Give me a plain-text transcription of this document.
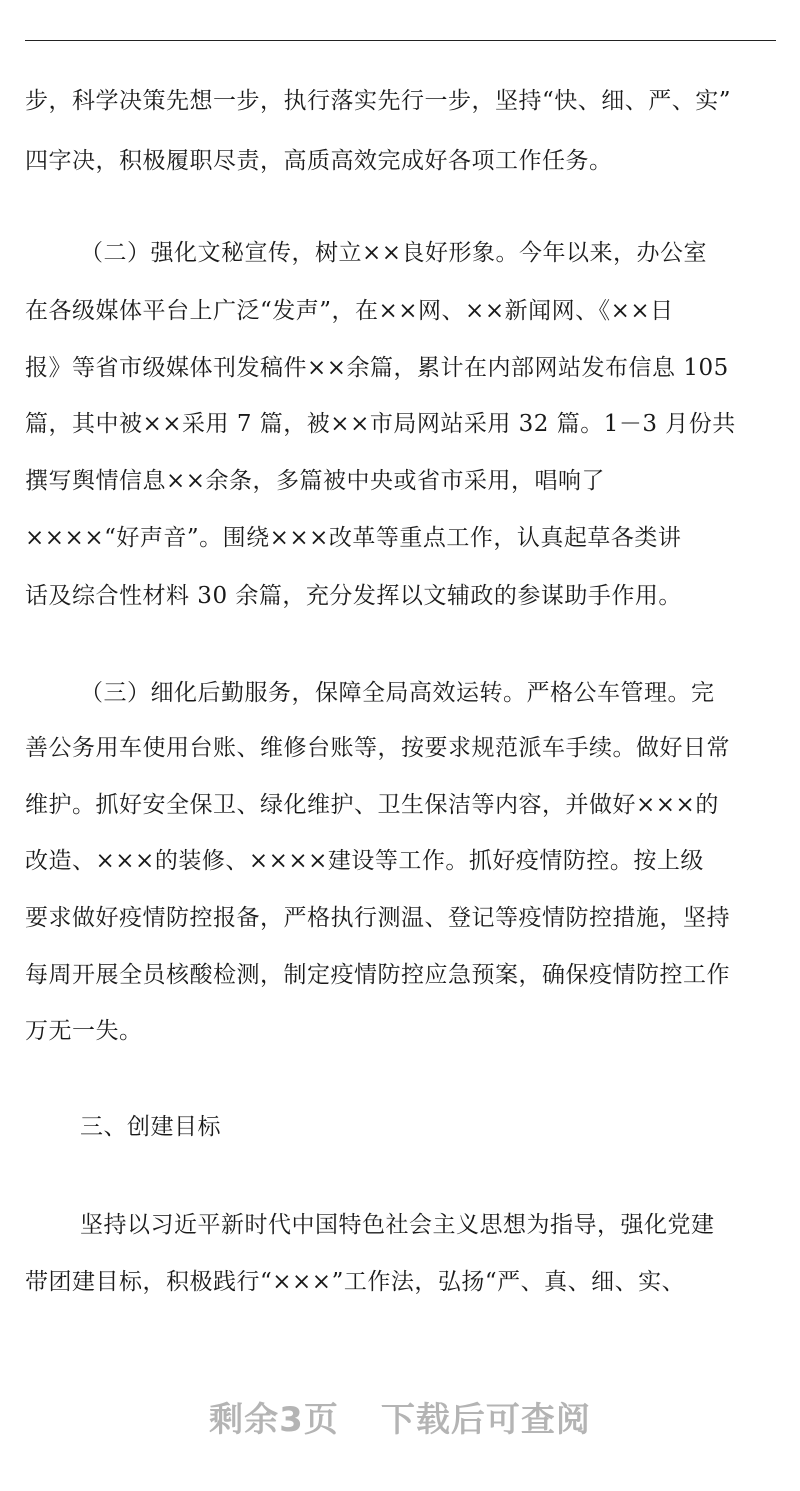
步，科学决策先想一步，执行落实先行一步，坚持“快、细、严、实”
四字决，积极履职尽责，高质高效完成好各项工作任务。
（二）强化文秘宣传，树立××良好形象。今年以来，办公室
在各级媒体平台上广泛“发声”，在××网、××新闻网、《××日
报》等省市级媒体刊发稿件××余篇，累计在内部网站发布信息 105
篇，其中被××采用 7 篇，被××市局网站采用 32 篇。1－3 月份共
撰写舆情信息××余条，多篇被中央或省市采用，唱响了
××××“好声音”。围绕×××改革等重点工作，认真起草各类讲
话及综合性材料 30 余篇，充分发挥以文辅政的参谋助手作用。
（三）细化后勤服务，保障全局高效运转。严格公车管理。完
善公务用车使用台账、维修台账等，按要求规范派车手续。做好日常
维护。抓好安全保卫、绿化维护、卫生保洁等内容，并做好×××的
改造、×××的装修、××××建设等工作。抓好疫情防控。按上级
要求做好疫情防控报备，严格执行测温、登记等疫情防控措施，坚持
每周开展全员核酸检测，制定疫情防控应急预案，确保疫情防控工作
万无一失。
三、创建目标
坚持以习近平新时代中国特色社会主义思想为指导，强化党建
带团建目标，积极践行“×××”工作法，弘扬“严、真、细、实、
剩余3页 下载后可查阅
